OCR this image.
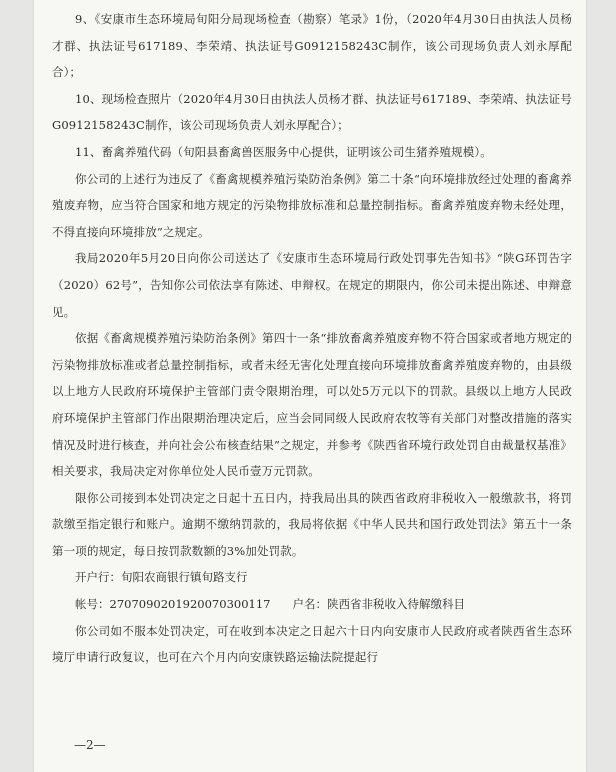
9、《安康市生态环境局旬阳分局现场检查（勘察）笔录》1份，（2020年4月30日由执法人员杨才群、执法证号617189、李荣靖、执法证号G0912158243C制作，该公司现场负责人刘永厚配合）；

10、现场检查照片（2020年4月30日由执法人员杨才群、执法证号617189、李荣靖、执法证号G0912158243C制作，该公司现场负责人刘永厚配合）；

11、畜禽养殖代码（旬阳县畜禽兽医服务中心提供，证明该公司生猪养殖规模）。

你公司的上述行为违反了《畜禽规模养殖污染防治条例》第二十条“向环境排放经过处理的畜禽养殖废弃物，应当符合国家和地方规定的污染物排放标准和总量控制指标。畜禽养殖废弃物未经处理，不得直接向环境排放”之规定。

我局2020年5月20日向你公司送达了《安康市生态环境局行政处罚事先告知书》“陕G环罚告字（2020）62号”，告知你公司依法享有陈述、申辩权。在规定的期限内，你公司未提出陈述、申辩意见。

依据《畜禽规模养殖污染防治条例》第四十一条“排放畜禽养殖废弃物不符合国家或者地方规定的污染物排放标准或者总量控制指标，或者未经无害化处理直接向环境排放畜禽养殖废弃物的，由县级以上地方人民政府环境保护主管部门责令限期治理，可以处5万元以下的罚款。县级以上地方人民政府环境保护主管部门作出限期治理决定后，应当会同同级人民政府农牧等有关部门对整改措施的落实情况及时进行核查，并向社会公布核查结果”之规定，并参考《陕西省环境行政处罚自由裁量权基准》相关要求，我局决定对你单位处人民币壹万元罚款。

限你公司接到本处罚决定之日起十五日内，持我局出具的陕西省政府非税收入一般缴款书，将罚款缴至指定银行和账户。逾期不缴纳罚款的，我局将依据《中华人民共和国行政处罚法》第五十一条第一项的规定，每日按罚款数额的3%加处罚款。

开户行：旬阳农商银行镇旬路支行

帐号：2707090201920070300117 户名：陕西省非税收入待解缴科目

你公司如不服本处罚决定，可在收到本决定之日起六十日内向安康市人民政府或者陕西省生态环境厅申请行政复议，也可在六个月内向安康铁路运输法院提起行

—2—
